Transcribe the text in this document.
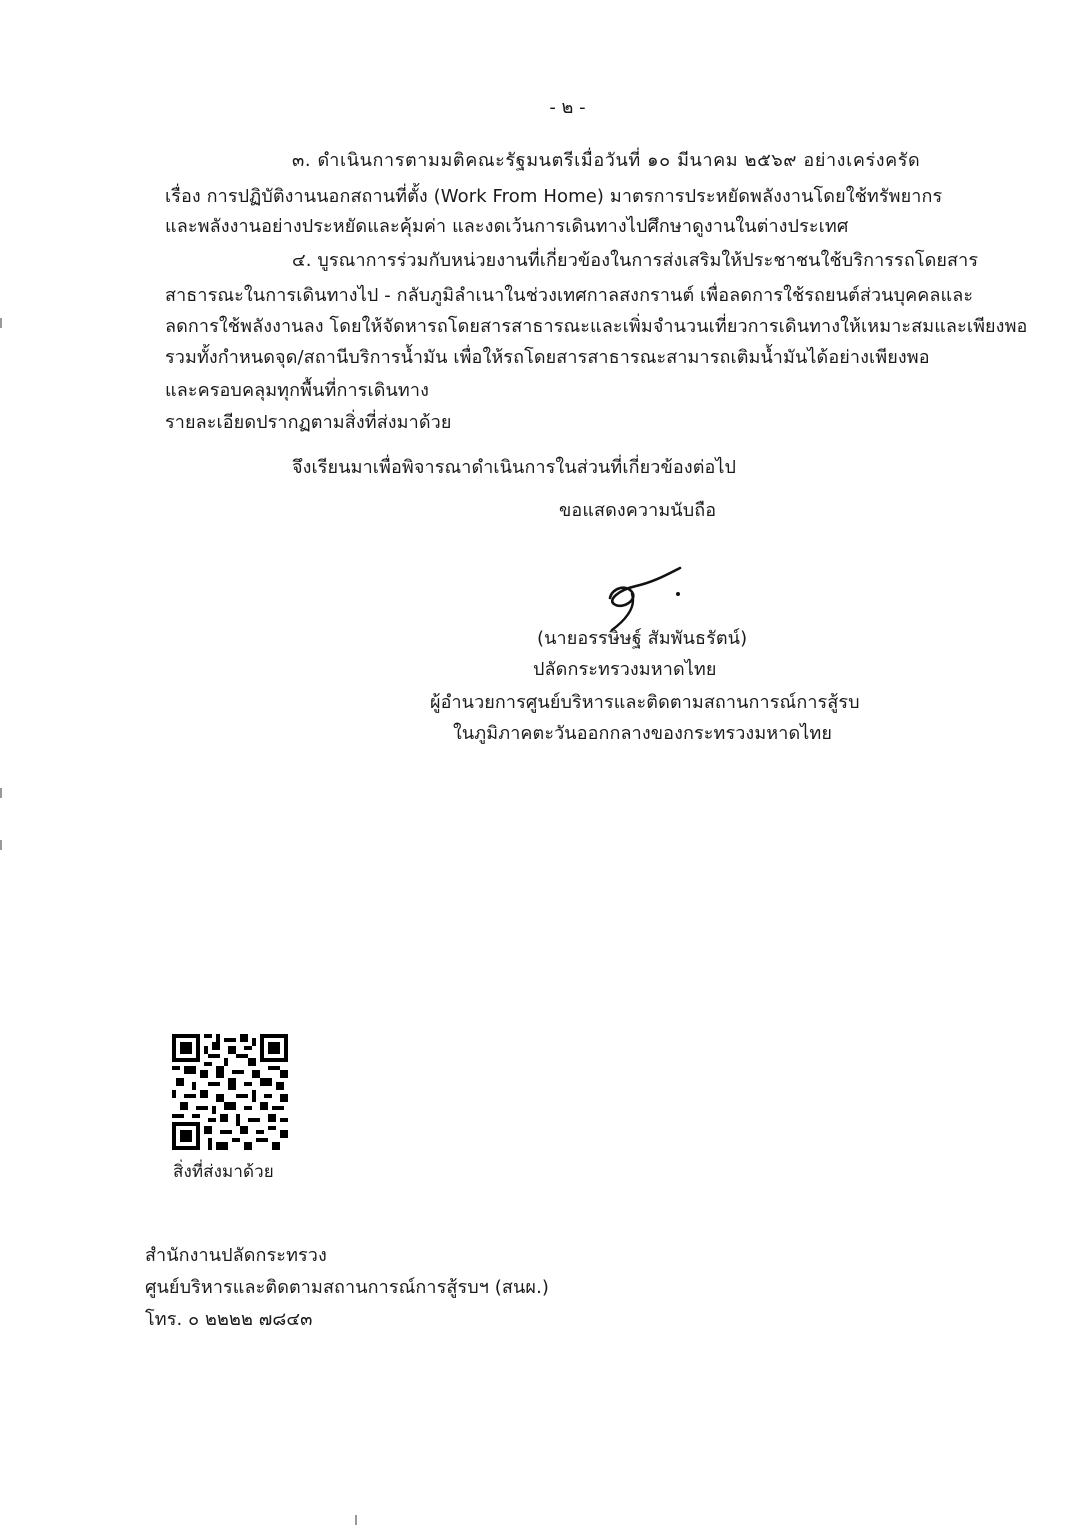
- ๒ -
๓. ดำเนินการตามมติคณะรัฐมนตรีเมื่อวันที่ ๑๐ มีนาคม ๒๕๖๙ อย่างเคร่งครัด
เรื่อง การปฏิบัติงานนอกสถานที่ตั้ง (Work From Home) มาตรการประหยัดพลังงานโดยใช้ทรัพยากร
และพลังงานอย่างประหยัดและคุ้มค่า และงดเว้นการเดินทางไปศึกษาดูงานในต่างประเทศ
๔. บูรณาการร่วมกับหน่วยงานที่เกี่ยวข้องในการส่งเสริมให้ประชาชนใช้บริการรถโดยสาร
สาธารณะในการเดินทางไป - กลับภูมิลำเนาในช่วงเทศกาลสงกรานต์ เพื่อลดการใช้รถยนต์ส่วนบุคคลและ
ลดการใช้พลังงานลง โดยให้จัดหารถโดยสารสาธารณะและเพิ่มจำนวนเที่ยวการเดินทางให้เหมาะสมและเพียงพอ
รวมทั้งกำหนดจุด/สถานีบริการน้ำมัน เพื่อให้รถโดยสารสาธารณะสามารถเติมน้ำมันได้อย่างเพียงพอ
และครอบคลุมทุกพื้นที่การเดินทาง
รายละเอียดปรากฏตามสิ่งที่ส่งมาด้วย
จึงเรียนมาเพื่อพิจารณาดำเนินการในส่วนที่เกี่ยวข้องต่อไป
ขอแสดงความนับถือ
(นายอรรษิษฐ์ สัมพันธรัตน์)
ปลัดกระทรวงมหาดไทย
ผู้อำนวยการศูนย์บริหารและติดตามสถานการณ์การสู้รบ
ในภูมิภาคตะวันออกกลางของกระทรวงมหาดไทย
สิ่งที่ส่งมาด้วย
สำนักงานปลัดกระทรวง
ศูนย์บริหารและติดตามสถานการณ์การสู้รบฯ (สนผ.)
โทร. ๐ ๒๒๒๒ ๗๘๔๓
